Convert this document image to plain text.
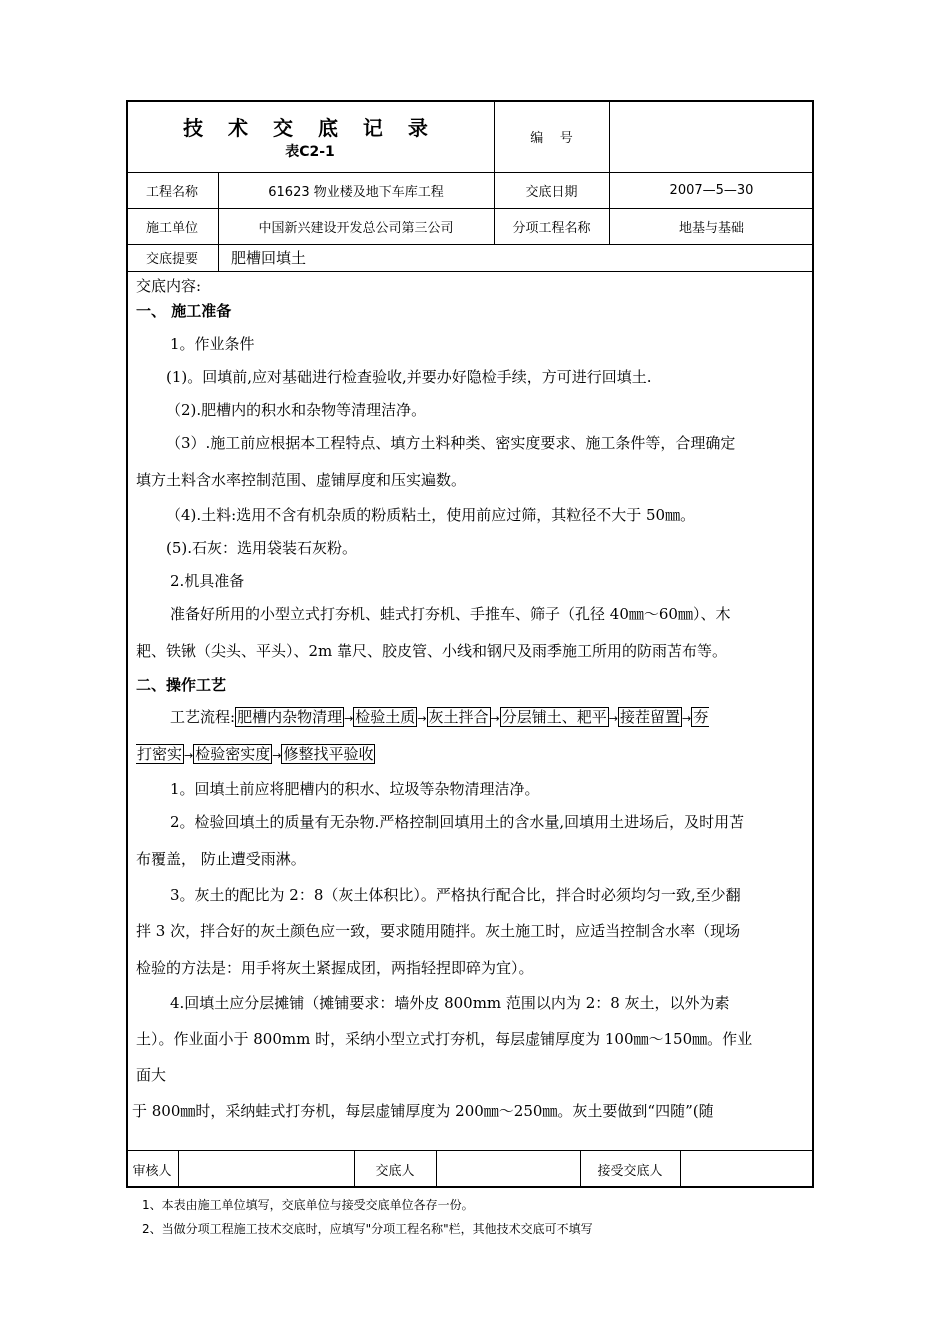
技 术 交 底 记 录
表C2-1
编    号
工程名称	61623 物业楼及地下车库工程	交底日期	2007—5—30
施工单位	中国新兴建设开发总公司第三公司	分项工程名称	地基与基础
交底提要	肥槽回填土
交底内容:
一、 施工准备
1。作业条件
(1)。回填前,应对基础进行检查验收,并要办好隐检手续，方可进行回填土.
（2).肥槽内的积水和杂物等清理洁净。
（3）.施工前应根据本工程特点、填方土料种类、密实度要求、施工条件等，合理确定
填方土料含水率控制范围、虚铺厚度和压实遍数。
（4).土料:选用不含有机杂质的粉质粘土，使用前应过筛，其粒径不大于 50㎜。
(5).石灰：选用袋装石灰粉。
2.机具准备
准备好所用的小型立式打夯机、蛙式打夯机、手推车、筛子（孔径 40㎜～60㎜）、木
耙、铁锹（尖头、平头）、2m 靠尺、胶皮管、小线和钢尺及雨季施工所用的防雨苫布等。
二、操作工艺
工艺流程: 肥槽内杂物清理 → 检验土质 → 灰土拌合 → 分层铺土、耙平 → 接茬留置 → 夯
打密实 → 检验密实度 → 修整找平验收
1。回填土前应将肥槽内的积水、垃圾等杂物清理洁净。
2。检验回填土的质量有无杂物.严格控制回填用土的含水量,回填用土进场后，及时用苫
布覆盖， 防止遭受雨淋。
3。灰土的配比为 2：8（灰土体积比）。严格执行配合比，拌合时必须均匀一致,至少翻
拌 3 次，拌合好的灰土颜色应一致，要求随用随拌。灰土施工时，应适当控制含水率（现场
检验的方法是：用手将灰土紧握成团，两指轻捏即碎为宜）。
4.回填土应分层摊铺（摊铺要求：墙外皮 800mm 范围以内为 2：8 灰土，以外为素
土）。作业面小于 800mm 时，采纳小型立式打夯机，每层虚铺厚度为 100㎜～150㎜。作业
面大
于 800㎜时，采纳蛙式打夯机，每层虚铺厚度为 200㎜～250㎜。灰土要做到“四随”(随
审核人	交底人	接受交底人
1、本表由施工单位填写，交底单位与接受交底单位各存一份。
2、当做分项工程施工技术交底时，应填写"分项工程名称"栏，其他技术交底可不填写
